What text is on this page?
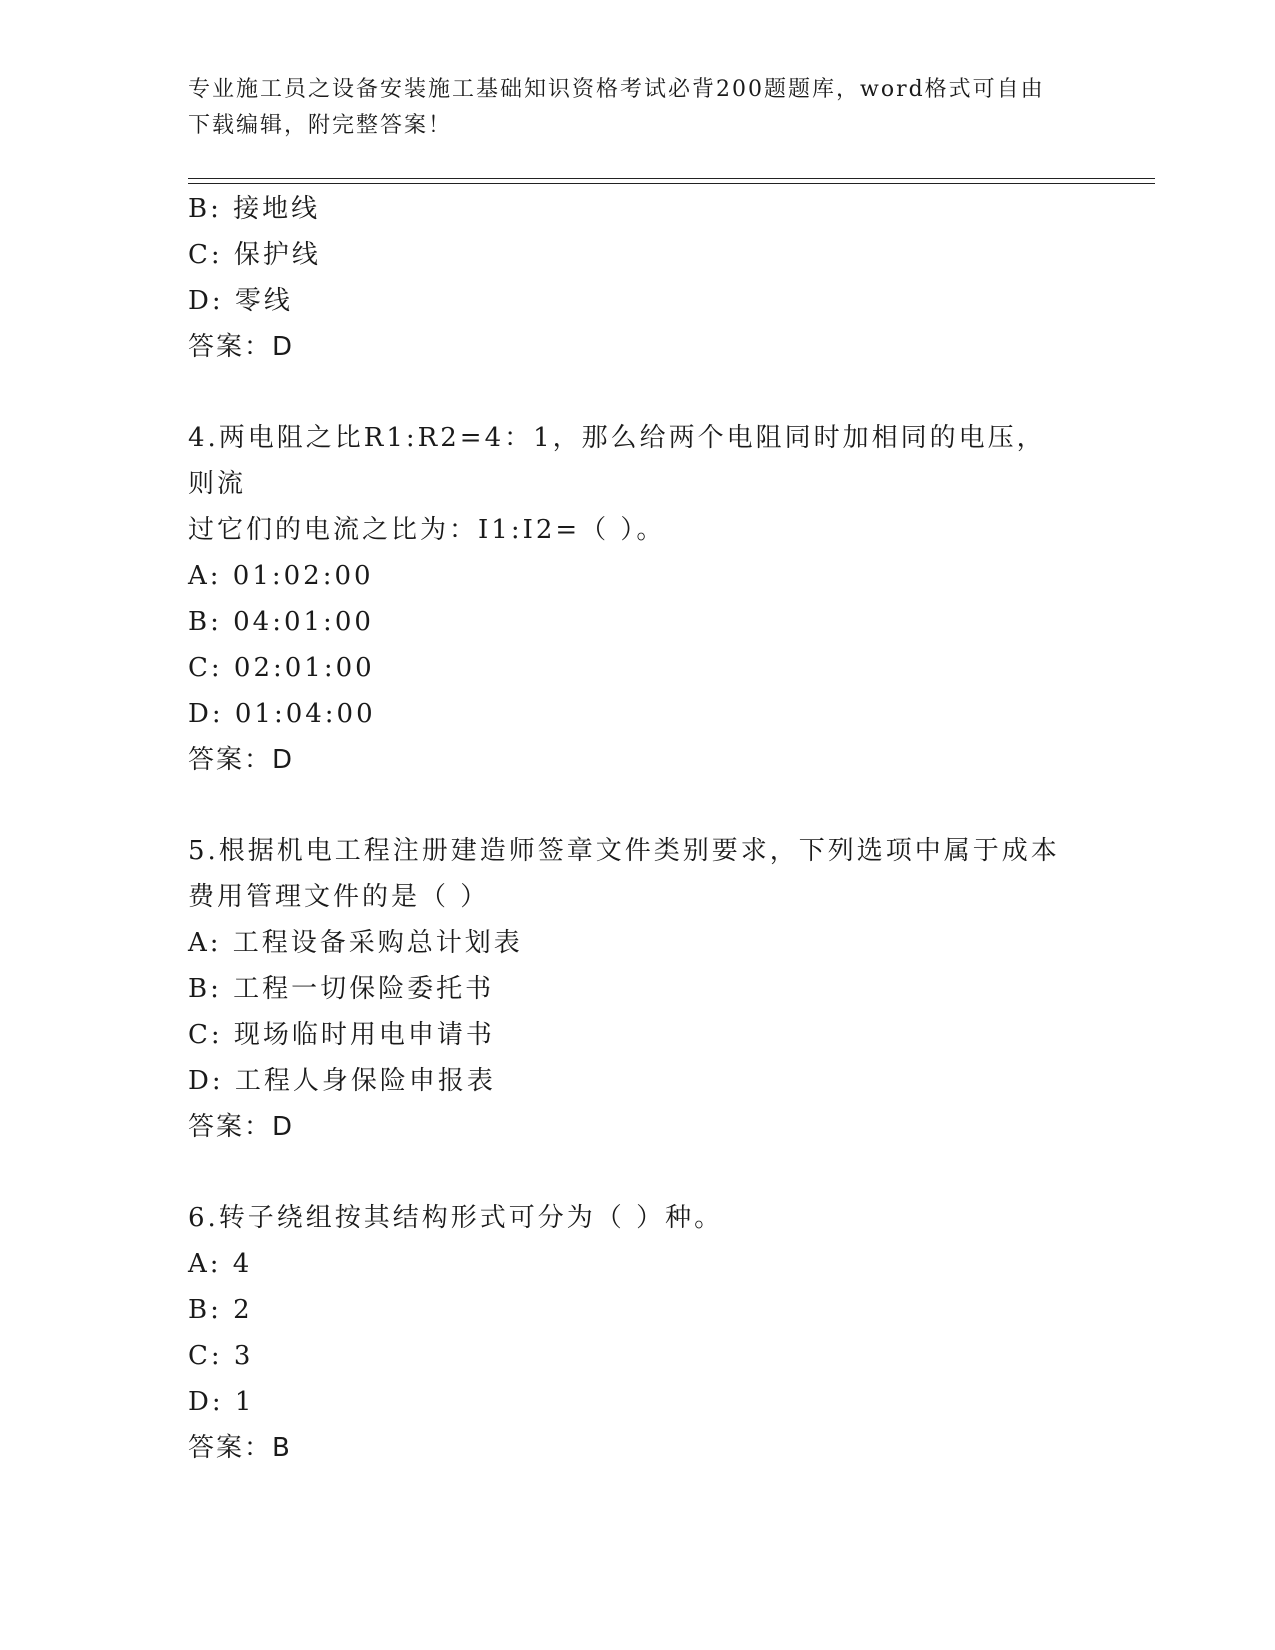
专业施工员之设备安装施工基础知识资格考试必背200题题库，word格式可自由
下载编辑，附完整答案！
B: 接地线
C: 保护线
D: 零线
答案：D
4.两电阻之比R1:R2=4：1，那么给两个电阻同时加相同的电压，则流
过它们的电流之比为：I1:I2=（ ）。
A: 01:02:00
B: 04:01:00
C: 02:01:00
D: 01:04:00
答案：D
5.根据机电工程注册建造师签章文件类别要求，下列选项中属于成本
费用管理文件的是（ ）
A: 工程设备采购总计划表
B: 工程一切保险委托书
C: 现场临时用电申请书
D: 工程人身保险申报表
答案：D
6.转子绕组按其结构形式可分为（ ）种。
A: 4
B: 2
C: 3
D: 1
答案：B
